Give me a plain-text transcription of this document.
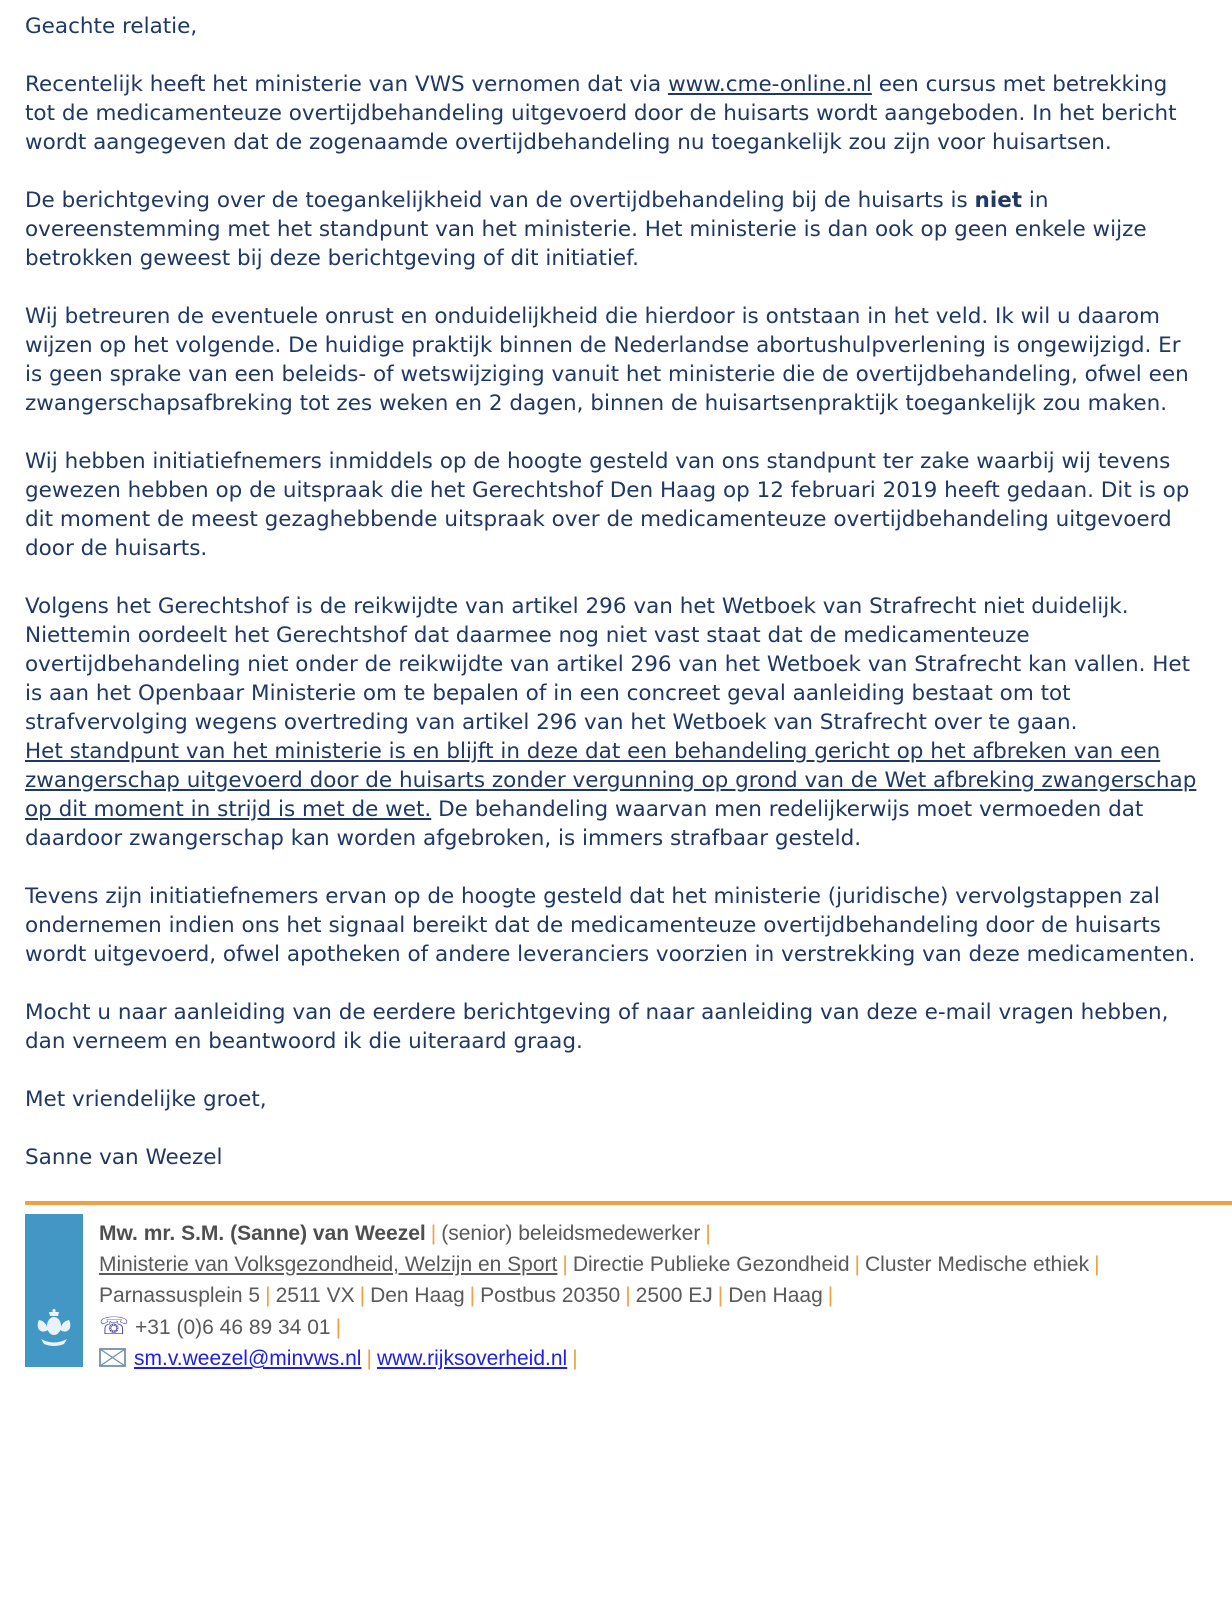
Geachte relatie,

Recentelijk heeft het ministerie van VWS vernomen dat via www.cme-online.nl een cursus met betrekking tot de medicamenteuze overtijdbehandeling uitgevoerd door de huisarts wordt aangeboden. In het bericht wordt aangegeven dat de zogenaamde overtijdbehandeling nu toegankelijk zou zijn voor huisartsen.

De berichtgeving over de toegankelijkheid van de overtijdbehandeling bij de huisarts is niet in overeenstemming met het standpunt van het ministerie. Het ministerie is dan ook op geen enkele wijze betrokken geweest bij deze berichtgeving of dit initiatief.

Wij betreuren de eventuele onrust en onduidelijkheid die hierdoor is ontstaan in het veld. Ik wil u daarom wijzen op het volgende. De huidige praktijk binnen de Nederlandse abortushulpverlening is ongewijzigd. Er is geen sprake van een beleids- of wetswijziging vanuit het ministerie die de overtijdbehandeling, ofwel een zwangerschapsafbreking tot zes weken en 2 dagen, binnen de huisartsenpraktijk toegankelijk zou maken.

Wij hebben initiatiefnemers inmiddels op de hoogte gesteld van ons standpunt ter zake waarbij wij tevens gewezen hebben op de uitspraak die het Gerechtshof Den Haag op 12 februari 2019 heeft gedaan. Dit is op dit moment de meest gezaghebbende uitspraak over de medicamenteuze overtijdbehandeling uitgevoerd door de huisarts.

Volgens het Gerechtshof is de reikwijdte van artikel 296 van het Wetboek van Strafrecht niet duidelijk. Niettemin oordeelt het Gerechtshof dat daarmee nog niet vast staat dat de medicamenteuze overtijdbehandeling niet onder de reikwijdte van artikel 296 van het Wetboek van Strafrecht kan vallen. Het is aan het Openbaar Ministerie om te bepalen of in een concreet geval aanleiding bestaat om tot strafvervolging wegens overtreding van artikel 296 van het Wetboek van Strafrecht over te gaan.
Het standpunt van het ministerie is en blijft in deze dat een behandeling gericht op het afbreken van een zwangerschap uitgevoerd door de huisarts zonder vergunning op grond van de Wet afbreking zwangerschap op dit moment in strijd is met de wet. De behandeling waarvan men redelijkerwijs moet vermoeden dat daardoor zwangerschap kan worden afgebroken, is immers strafbaar gesteld.

Tevens zijn initiatiefnemers ervan op de hoogte gesteld dat het ministerie (juridische) vervolgstappen zal ondernemen indien ons het signaal bereikt dat de medicamenteuze overtijdbehandeling door de huisarts wordt uitgevoerd, ofwel apotheken of andere leveranciers voorzien in verstrekking van deze medicamenten.

Mocht u naar aanleiding van de eerdere berichtgeving of naar aanleiding van deze e-mail vragen hebben, dan verneem en beantwoord ik die uiteraard graag.

Met vriendelijke groet,

Sanne van Weezel

Mw. mr. S.M. (Sanne) van Weezel | (senior) beleidsmedewerker |
Ministerie van Volksgezondheid, Welzijn en Sport | Directie Publieke Gezondheid | Cluster Medische ethiek |
Parnassusplein 5 | 2511 VX | Den Haag | Postbus 20350 | 2500 EJ | Den Haag |
☏ +31 (0)6 46 89 34 01 |
sm.v.weezel@minvws.nl | www.rijksoverheid.nl |
